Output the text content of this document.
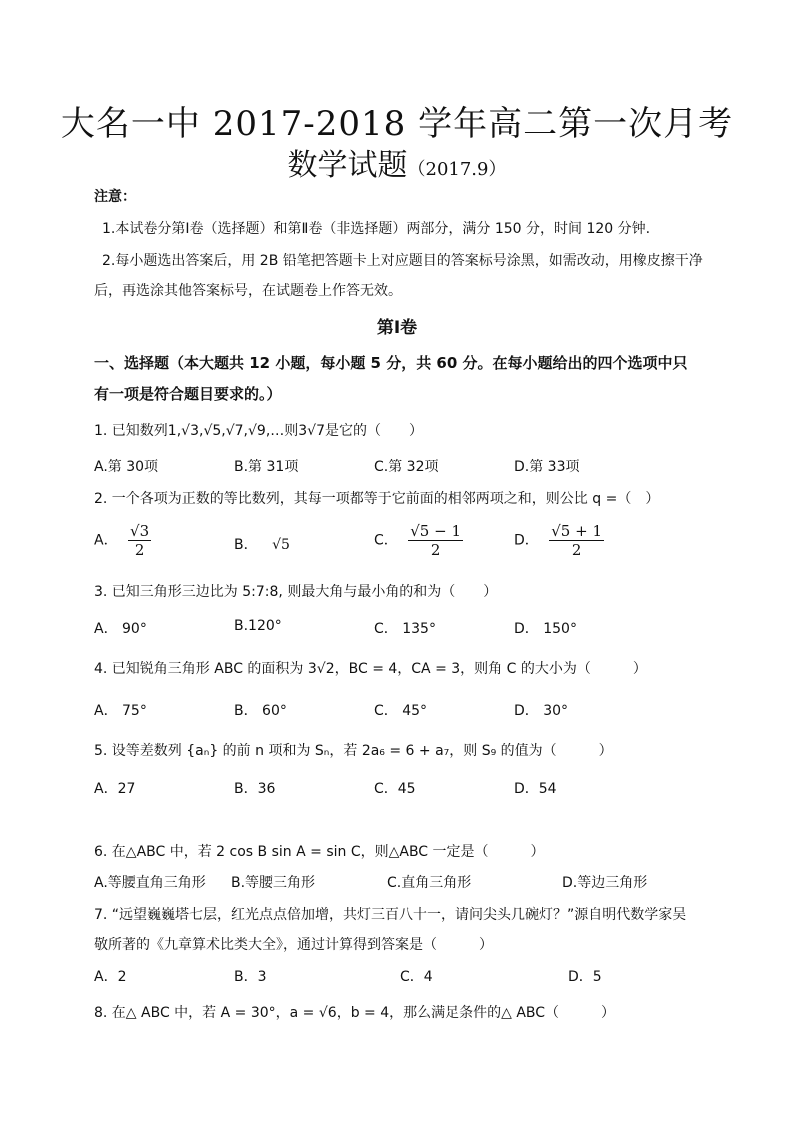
大名一中 2017-2018 学年高二第一次月考
数学试题（2017.9）
注意：
1.本试卷分第Ⅰ卷（选择题）和第Ⅱ卷（非选择题）两部分，满分 150 分，时间 120 分钟.
2.每小题选出答案后，用 2B 铅笔把答题卡上对应题目的答案标号涂黑，如需改动，用橡皮擦干净
后，再选涂其他答案标号，在试题卷上作答无效。
第Ⅰ卷
一、选择题（本大题共 12 小题，每小题 5 分，共 60 分。在每小题给出的四个选项中只
有一项是符合题目要求的。）
1. 已知数列1,√3,√5,√7,√9,…则3√7是它的（　　）
A.第 30项	B.第 31项	C.第 32项	D.第 33项
2. 一个各项为正数的等比数列，其每一项都等于它前面的相邻两项之和，则公比 q =（　）
A． $\frac{√3}{2}$	B． √5	C． $\frac{√5 - 1}{2}$	D． $\frac{√5 + 1}{2}$
3. 已知三角形三边比为 5:7:8, 则最大角与最小角的和为（　　）
A． 90°	B.120°	C． 135°	D． 150°
4. 已知锐角三角形 ABC 的面积为 3√2，BC = 4，CA = 3，则角 C 的大小为（　　　）
A． 75°	B． 60°	C． 45°	D． 30°
5. 设等差数列 {aₙ} 的前 n 项和为 Sₙ，若 2a₆ = 6 + a₇，则 S₉ 的值为（　　　）
A．27	B．36	C．45	D．54
6. 在△ABC 中，若 2 cos B sin A = sin C，则△ABC 一定是（　　　）
A.等腰直角三角形 B.等腰三角形	C.直角三角形	D.等边三角形
7. “远望巍巍塔七层，红光点点倍加增，共灯三百八十一，请问尖头几碗灯？”源自明代数学家吴
敬所著的《九章算术比类大全》，通过计算得到答案是（　　　）
A．2	B．3	C．4	D．5
8. 在△ ABC 中，若 A = 30°，a = √6，b = 4，那么满足条件的△ ABC（　　　）
